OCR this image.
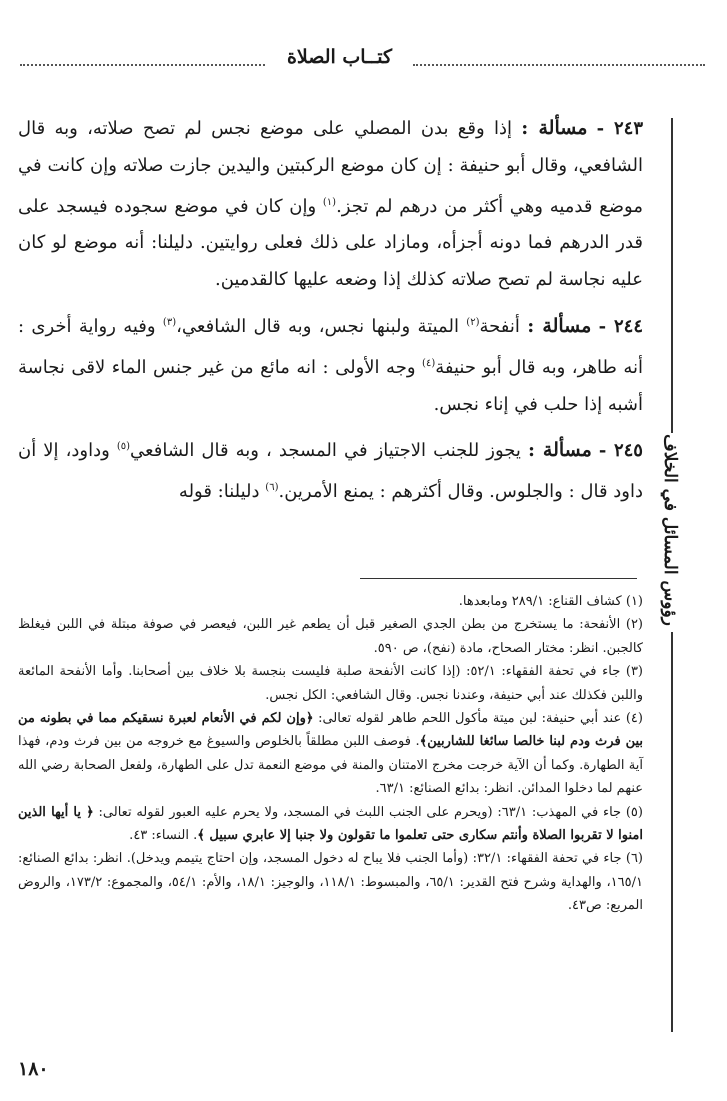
كتــاب الصلاة
رؤوس المسائل في الخلاف

٢٤٣ - مسألة : إذا وقع بدن المصلي على موضع نجس لم تصح صلاته، وبه قال الشافعي، وقال أبو حنيفة : إن كان موضع الركبتين واليدين جازت صلاته وإن كانت في موضع قدميه وهي أكثر من درهم لم تجز.$^{(١)}$ وإن كان في موضع سجوده فيسجد على قدر الدرهم فما دونه أجزأه، ومازاد على ذلك فعلى روايتين. دليلنا: أنه موضع لو كان عليه نجاسة لم تصح صلاته كذلك إذا وضعه عليها كالقدمين.

٢٤٤ - مسألة : أنفحة$^{(٢)}$ الميتة ولبنها نجس، وبه قال الشافعي،$^{(٣)}$ وفيه رواية أخرى : أنه طاهر، وبه قال أبو حنيفة$^{(٤)}$ وجه الأولى : انه مائع من غير جنس الماء لاقى نجاسة أشبه إذا حلب في إناء نجس.

٢٤٥ - مسألة : يجوز للجنب الاجتياز في المسجد ، وبه قال الشافعي$^{(٥)}$ وداود، إلا أن داود قال : والجلوس. وقال أكثرهم : يمنع الأمرين.$^{(٦)}$ دليلنا: قوله

(١) كشاف القناع: ٢٨٩/١ ومابعدها.

(٢) الأنفحة: ما يستخرج من بطن الجدي الصغير قبل أن يطعم غير اللبن، فيعصر في صوفة مبتلة في اللبن فيغلظ كالجبن. انظر: مختار الصحاح، مادة (نفح)، ص ٥٩٠.

(٣) جاء في تحفة الفقهاء: ٥٢/١: (إذا كانت الأنفحة صلبة فليست بنجسة بلا خلاف بين أصحابنا. وأما الأنفحة المائعة واللبن فكذلك عند أبي حنيفة، وعندنا نجس. وقال الشافعي: الكل نجس.

(٤) عند أبي حنيفة: لبن ميتة مأكول اللحم طاهر لقوله تعالى: ﴿وإن لكم في الأنعام لعبرة نسقيكم مما في بطونه من بين فرث ودم لبنا خالصا سائغا للشاربين﴾. فوصف اللبن مطلقاً بالخلوص والسيوغ مع خروجه من بين فرث ودم، فهذا آية الطهارة. وكما أن الآية خرجت مخرج الامتنان والمنة في موضع النعمة تدل على الطهارة، ولفعل الصحابة رضي الله عنهم لما دخلوا المدائن. انظر: بدائع الصنائع: ٦٣/١.

(٥) جاء في المهذب: ٦٣/١: (ويحرم على الجنب اللبث في المسجد، ولا يحرم عليه العبور لقوله تعالى: ﴿ يا أيها الذين امنوا لا تقربوا الصلاة وأنتم سكارى حتى تعلموا ما تقولون ولا جنبا إلا عابري سبيل ﴾. النساء: ٤٣.

(٦) جاء في تحفة الفقهاء: ٣٢/١: (وأما الجنب فلا يباح له دخول المسجد، وإن احتاج يتيمم ويدخل). انظر: بدائع الصنائع: ١٦٥/١، والهداية وشرح فتح القدير: ٦٥/١، والمبسوط: ١١٨/١، والوجيز: ١٨/١، والأم: ٥٤/١، والمجموع: ١٧٣/٢، والروض المربع: ص٤٣.

١٨٠
